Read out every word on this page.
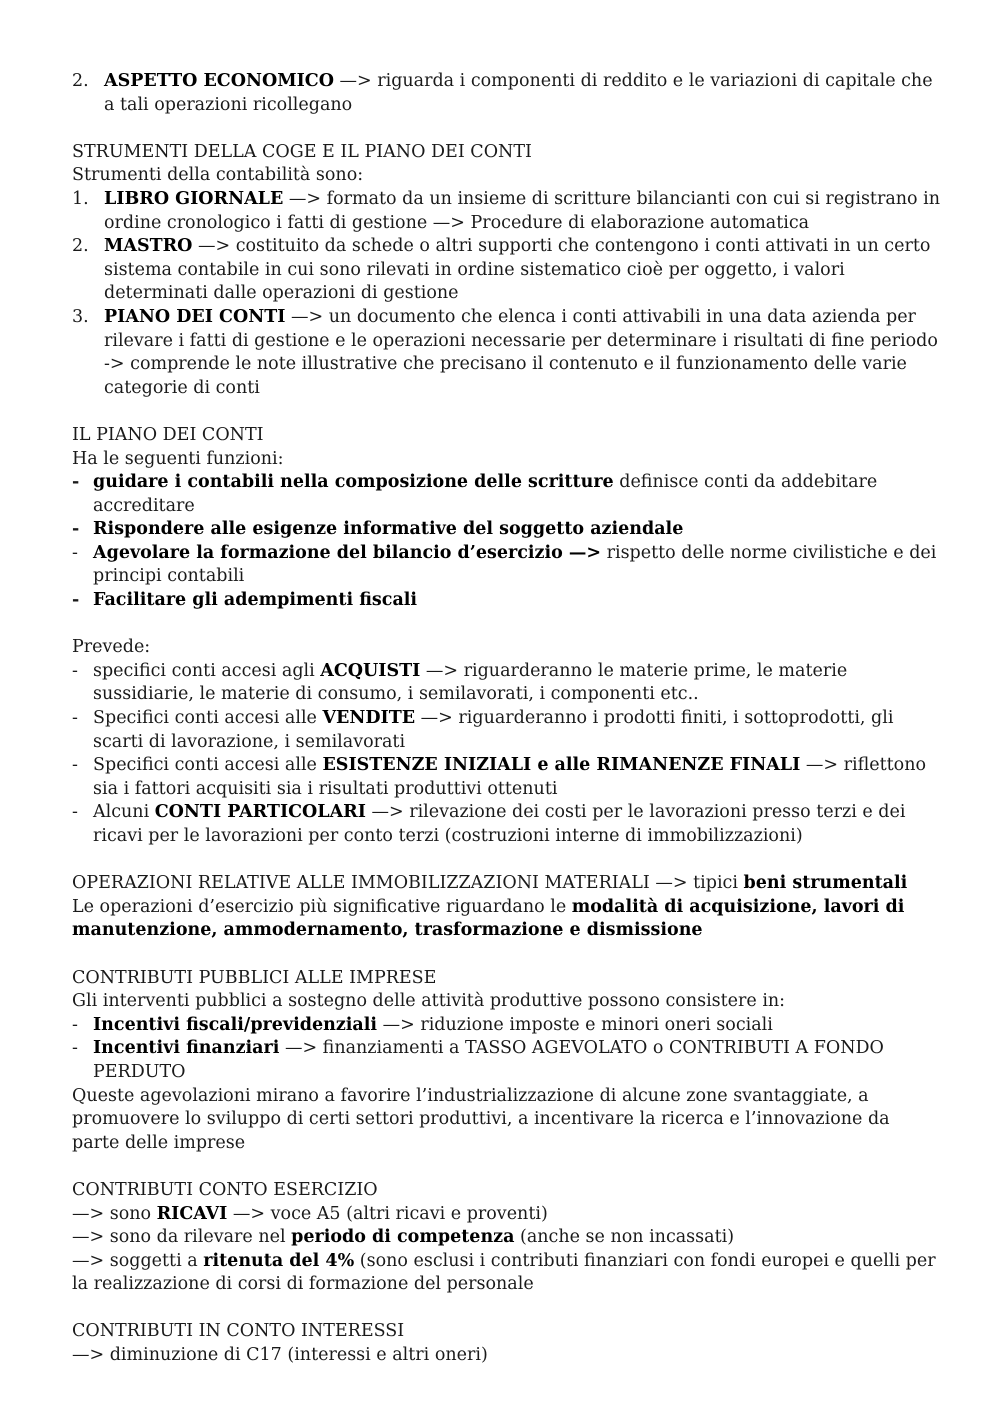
2. ASPETTO ECONOMICO —> riguarda i componenti di reddito e le variazioni di capitale che a tali operazioni ricollegano

STRUMENTI DELLA COGE E IL PIANO DEI CONTI

Strumenti della contabilità sono:

1. LIBRO GIORNALE —> formato da un insieme di scritture bilancianti con cui si registrano in ordine cronologico i fatti di gestione —> Procedure di elaborazione automatica
2. MASTRO —> costituito da schede o altri supporti che contengono i conti attivati in un certo sistema contabile in cui sono rilevati in ordine sistematico cioè per oggetto, i valori determinati dalle operazioni di gestione
3. PIANO DEI CONTI —> un documento che elenca i conti attivabili in una data azienda per rilevare i fatti di gestione e le operazioni necessarie per determinare i risultati di fine periodo -> comprende le note illustrative che precisano il contenuto e il funzionamento delle varie categorie di conti

IL PIANO DEI CONTI

Ha le seguenti funzioni:

- guidare i contabili nella composizione delle scritture definisce conti da addebitare accreditare
- Rispondere alle esigenze informative del soggetto aziendale
- Agevolare la formazione del bilancio d’esercizio —> rispetto delle norme civilistiche e dei principi contabili
- Facilitare gli adempimenti fiscali

Prevede:

- specifici conti accesi agli ACQUISTI —> riguarderanno le materie prime, le materie sussidiarie, le materie di consumo, i semilavorati, i componenti etc..
- Specifici conti accesi alle VENDITE —> riguarderanno i prodotti finiti, i sottoprodotti, gli scarti di lavorazione, i semilavorati
- Specifici conti accesi alle ESISTENZE INIZIALI e alle RIMANENZE FINALI —> riflettono sia i fattori acquisiti sia i risultati produttivi ottenuti
- Alcuni CONTI PARTICOLARI —> rilevazione dei costi per le lavorazioni presso terzi e dei ricavi per le lavorazioni per conto terzi (costruzioni interne di immobilizzazioni)

OPERAZIONI RELATIVE ALLE IMMOBILIZZAZIONI MATERIALI —> tipici beni strumentali

Le operazioni d’esercizio più significative riguardano le modalità di acquisizione, lavori di manutenzione, ammodernamento, trasformazione e dismissione

CONTRIBUTI PUBBLICI ALLE IMPRESE

Gli interventi pubblici a sostegno delle attività produttive possono consistere in:

- Incentivi fiscali/previdenziali —> riduzione imposte e minori oneri sociali
- Incentivi finanziari —> finanziamenti a TASSO AGEVOLATO o CONTRIBUTI A FONDO PERDUTO

Queste agevolazioni mirano a favorire l’industrializzazione di alcune zone svantaggiate, a promuovere lo sviluppo di certi settori produttivi, a incentivare la ricerca e l’innovazione da parte delle imprese

CONTRIBUTI CONTO ESERCIZIO

—> sono RICAVI —> voce A5 (altri ricavi e proventi)

—> sono da rilevare nel periodo di competenza (anche se non incassati)

—> soggetti a ritenuta del 4% (sono esclusi i contributi finanziari con fondi europei e quelli per la realizzazione di corsi di formazione del personale

CONTRIBUTI IN CONTO INTERESSI

—> diminuzione di C17 (interessi e altri oneri)
